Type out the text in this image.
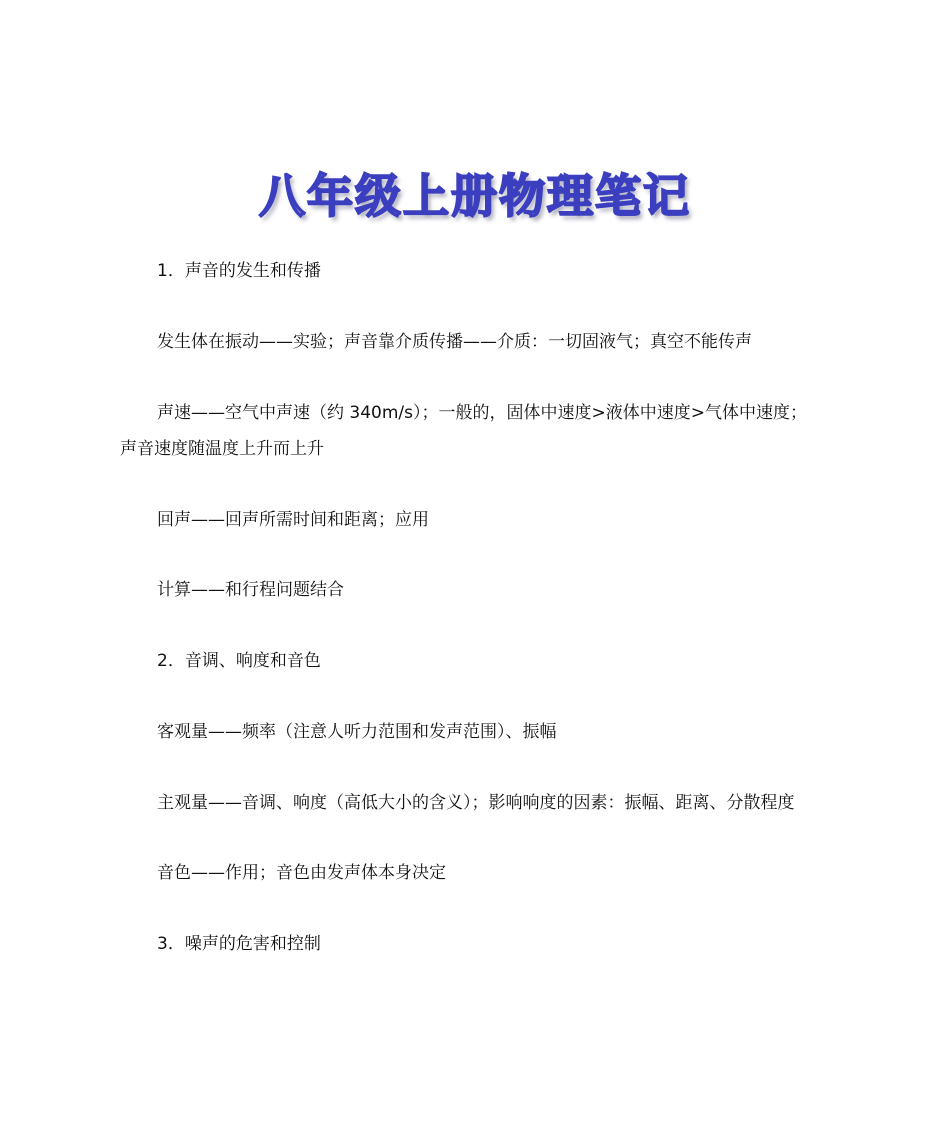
八年级上册物理笔记
1．声音的发生和传播
发生体在振动——实验；声音靠介质传播——介质：一切固液气；真空不能传声
声速——空气中声速（约 340m/s）；一般的，固体中速度>液体中速度>气体中速度；
声音速度随温度上升而上升
回声——回声所需时间和距离；应用
计算——和行程问题结合
2．音调、响度和音色
客观量——频率（注意人听力范围和发声范围）、振幅
主观量——音调、响度（高低大小的含义）；影响响度的因素：振幅、距离、分散程度
音色——作用；音色由发声体本身决定
3．噪声的危害和控制
